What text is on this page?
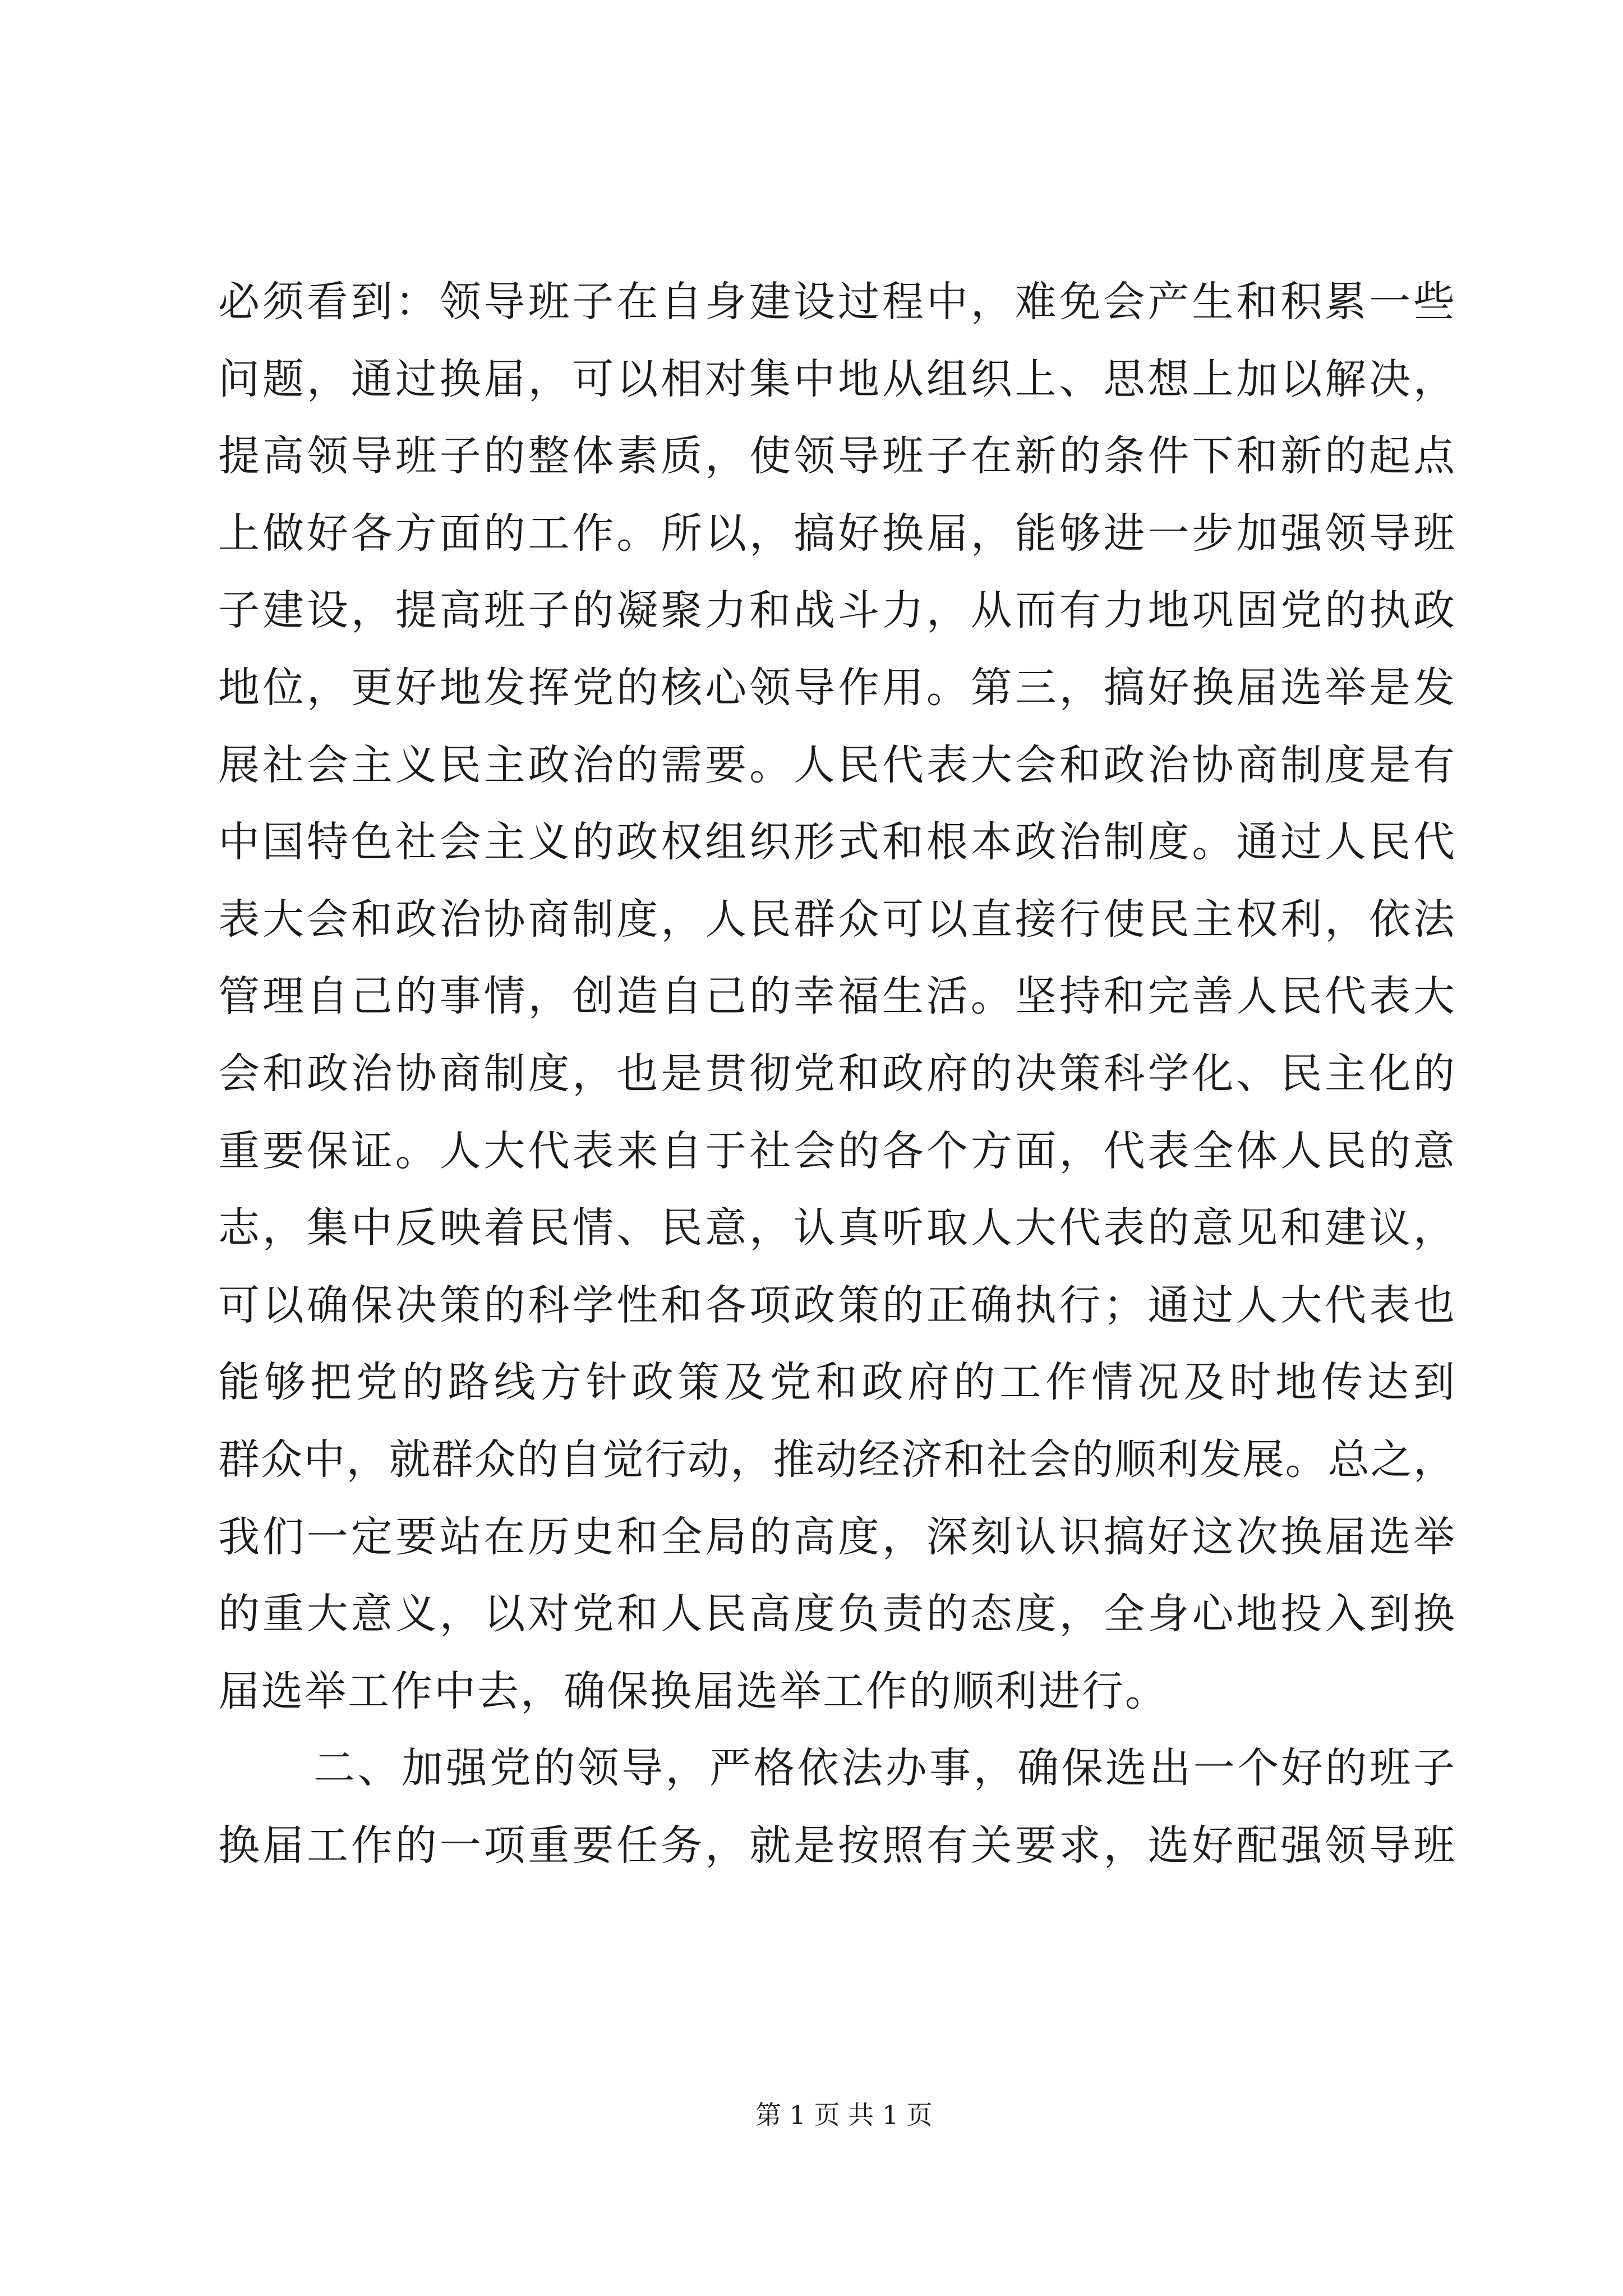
必须看到：领导班子在自身建设过程中，难免会产生和积累一些
问题，通过换届，可以相对集中地从组织上、思想上加以解决，
提高领导班子的整体素质，使领导班子在新的条件下和新的起点
上做好各方面的工作。所以，搞好换届，能够进一步加强领导班
子建设，提高班子的凝聚力和战斗力，从而有力地巩固党的执政
地位，更好地发挥党的核心领导作用。第三，搞好换届选举是发
展社会主义民主政治的需要。人民代表大会和政治协商制度是有
中国特色社会主义的政权组织形式和根本政治制度。通过人民代
表大会和政治协商制度，人民群众可以直接行使民主权利，依法
管理自己的事情，创造自己的幸福生活。坚持和完善人民代表大
会和政治协商制度，也是贯彻党和政府的决策科学化、民主化的
重要保证。人大代表来自于社会的各个方面，代表全体人民的意
志，集中反映着民情、民意，认真听取人大代表的意见和建议，
可以确保决策的科学性和各项政策的正确执行；通过人大代表也
能够把党的路线方针政策及党和政府的工作情况及时地传达到
群众中，就群众的自觉行动，推动经济和社会的顺利发展。总之，
我们一定要站在历史和全局的高度，深刻认识搞好这次换届选举
的重大意义，以对党和人民高度负责的态度，全身心地投入到换
届选举工作中去，确保换届选举工作的顺利进行。
二、加强党的领导，严格依法办事，确保选出一个好的班子
换届工作的一项重要任务，就是按照有关要求，选好配强领导班
第 1 页 共 1 页
